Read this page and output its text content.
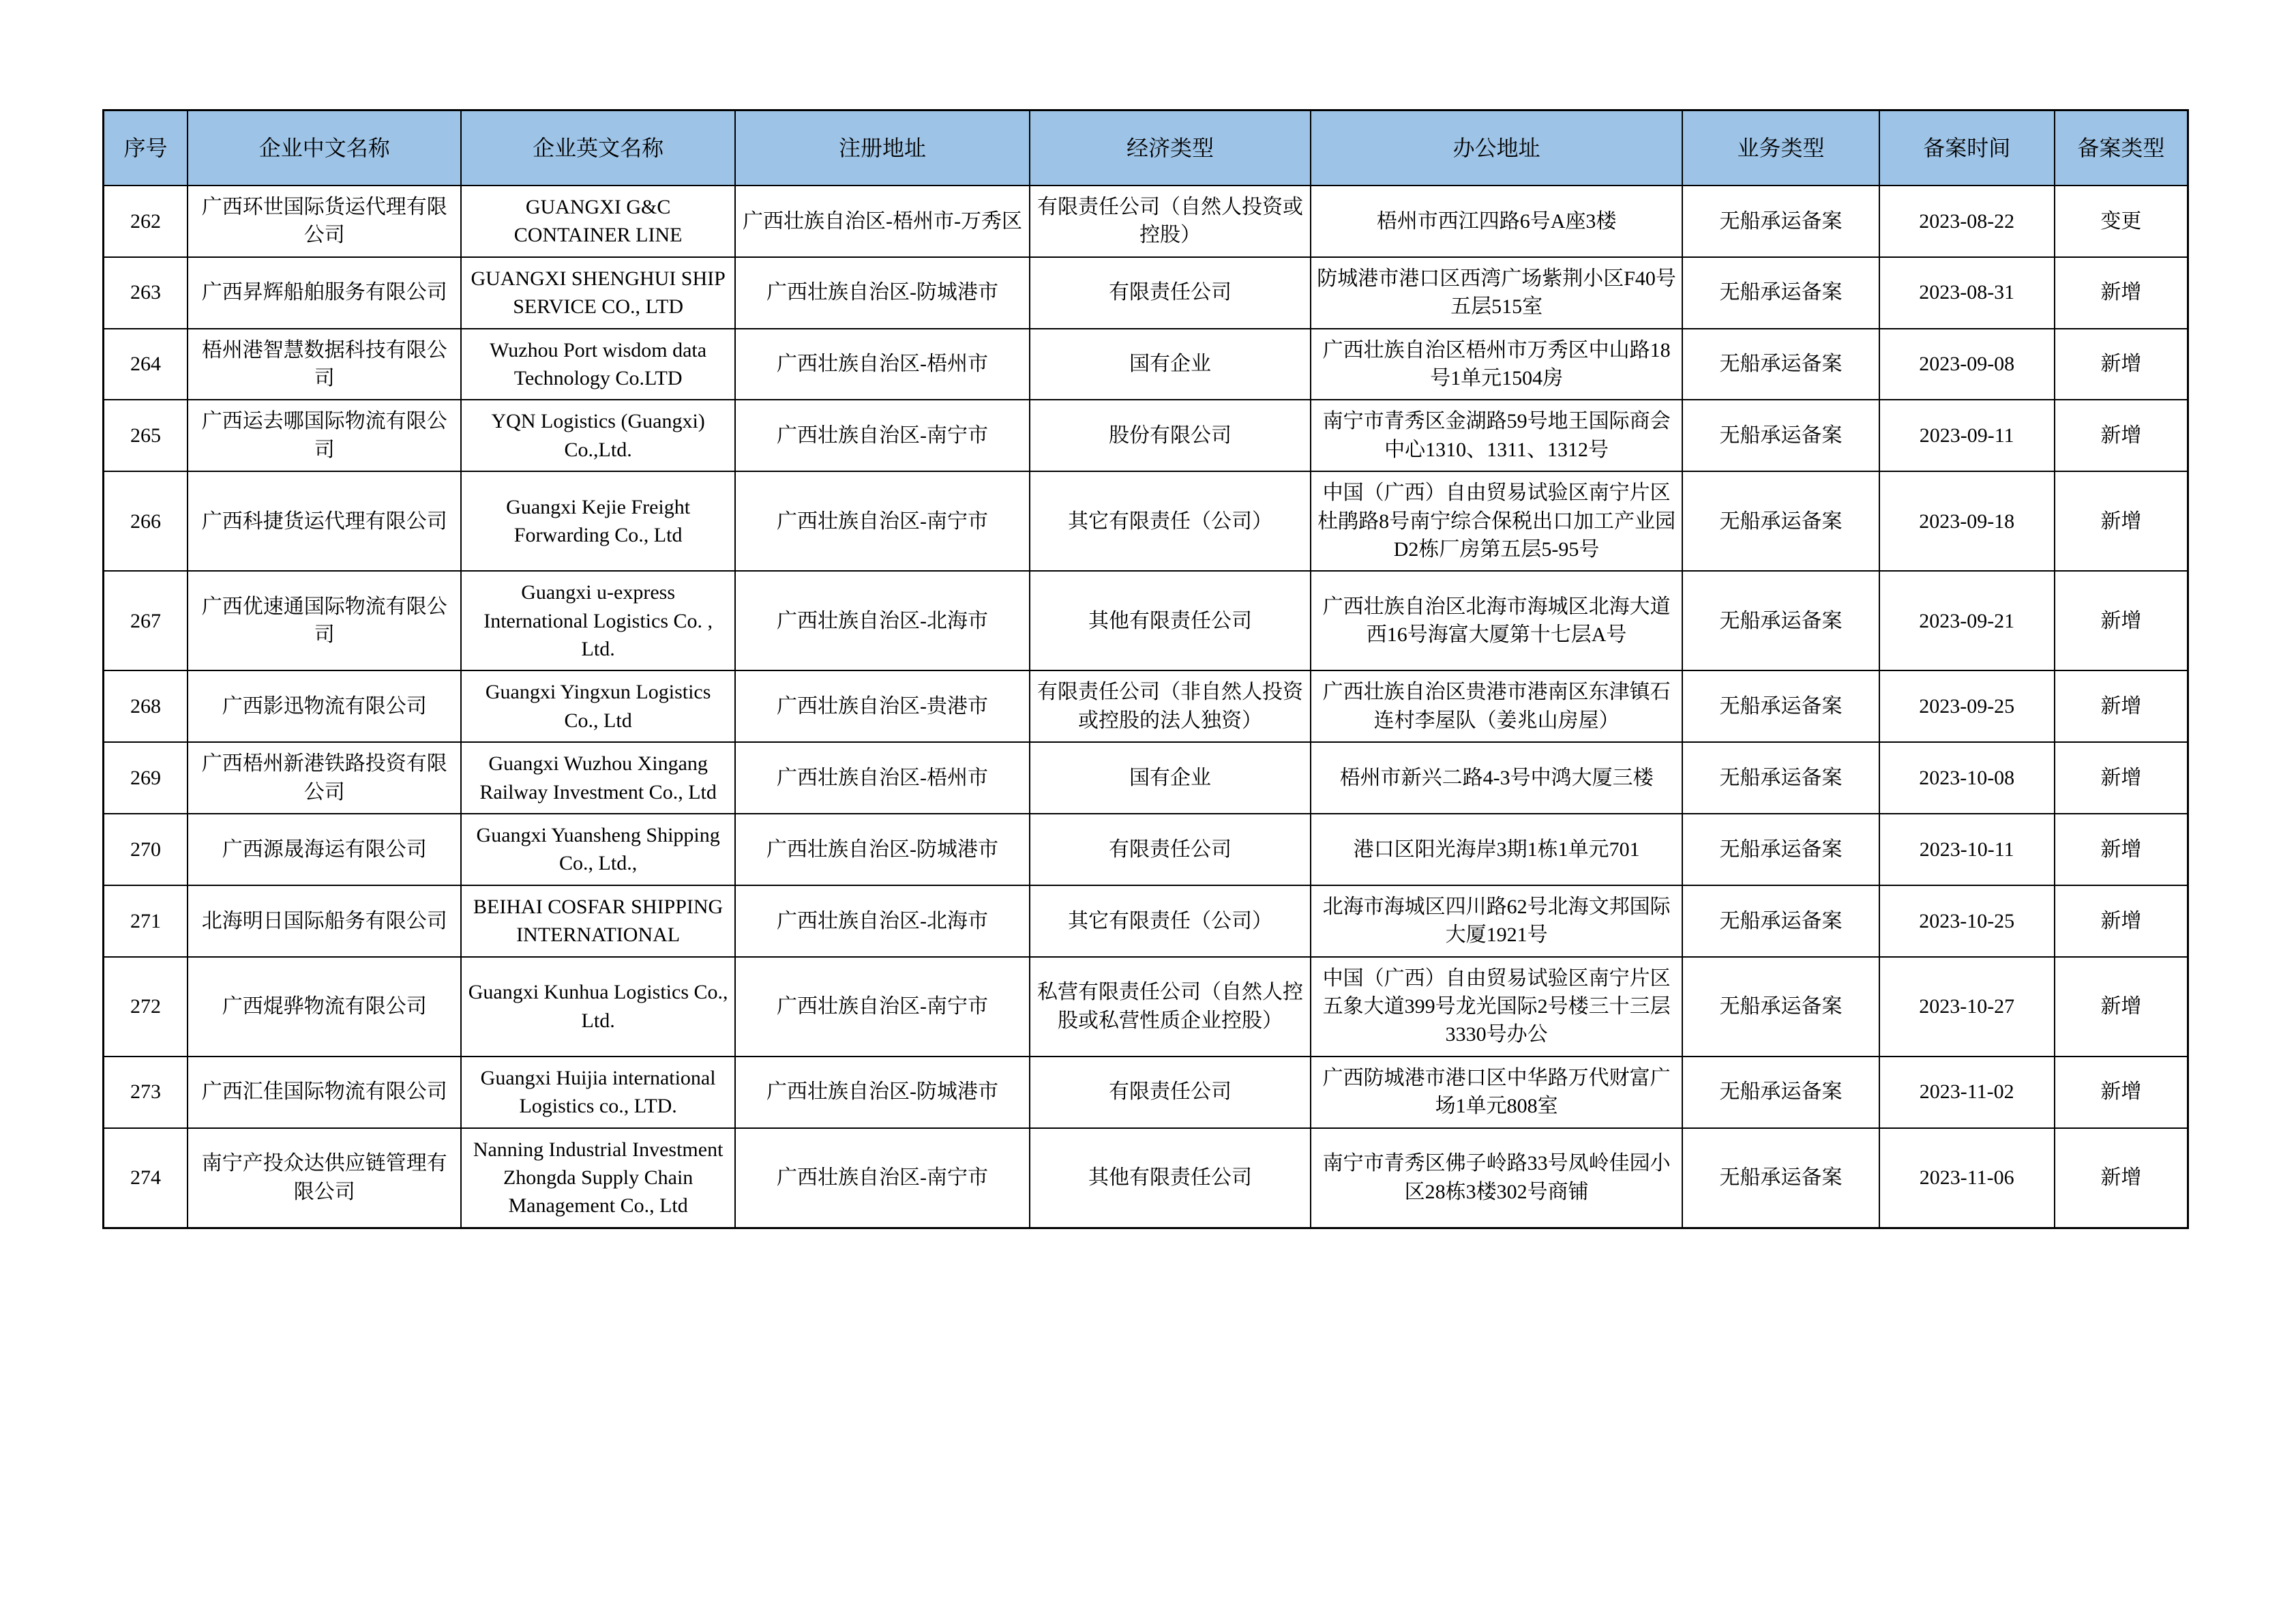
序号	企业中文名称	企业英文名称	注册地址	经济类型	办公地址	业务类型	备案时间	备案类型
262	广西环世国际货运代理有限公司	GUANGXI G&C CONTAINER LINE	广西壮族自治区-梧州市-万秀区	有限责任公司（自然人投资或控股）	梧州市西江四路6号A座3楼	无船承运备案	2023-08-22	变更
263	广西昇辉船舶服务有限公司	GUANGXI SHENGHUI SHIP SERVICE CO., LTD	广西壮族自治区-防城港市	有限责任公司	防城港市港口区西湾广场紫荆小区F40号五层515室	无船承运备案	2023-08-31	新增
264	梧州港智慧数据科技有限公司	Wuzhou Port wisdom data Technology Co.LTD	广西壮族自治区-梧州市	国有企业	广西壮族自治区梧州市万秀区中山路18号1单元1504房	无船承运备案	2023-09-08	新增
265	广西运去哪国际物流有限公司	YQN Logistics (Guangxi) Co.,Ltd.	广西壮族自治区-南宁市	股份有限公司	南宁市青秀区金湖路59号地王国际商会中心1310、1311、1312号	无船承运备案	2023-09-11	新增
266	广西科捷货运代理有限公司	Guangxi Kejie Freight Forwarding Co., Ltd	广西壮族自治区-南宁市	其它有限责任（公司）	中国（广西）自由贸易试验区南宁片区杜鹃路8号南宁综合保税出口加工产业园D2栋厂房第五层5-95号	无船承运备案	2023-09-18	新增
267	广西优速通国际物流有限公司	Guangxi u-express International Logistics Co. , Ltd.	广西壮族自治区-北海市	其他有限责任公司	广西壮族自治区北海市海城区北海大道西16号海富大厦第十七层A号	无船承运备案	2023-09-21	新增
268	广西影迅物流有限公司	Guangxi Yingxun Logistics Co., Ltd	广西壮族自治区-贵港市	有限责任公司（非自然人投资或控股的法人独资）	广西壮族自治区贵港市港南区东津镇石连村李屋队（姜兆山房屋）	无船承运备案	2023-09-25	新增
269	广西梧州新港铁路投资有限公司	Guangxi Wuzhou Xingang Railway Investment Co., Ltd	广西壮族自治区-梧州市	国有企业	梧州市新兴二路4-3号中鸿大厦三楼	无船承运备案	2023-10-08	新增
270	广西源晟海运有限公司	Guangxi Yuansheng Shipping Co., Ltd.,	广西壮族自治区-防城港市	有限责任公司	港口区阳光海岸3期1栋1单元701	无船承运备案	2023-10-11	新增
271	北海明日国际船务有限公司	BEIHAI COSFAR SHIPPING INTERNATIONAL	广西壮族自治区-北海市	其它有限责任（公司）	北海市海城区四川路62号北海文邦国际大厦1921号	无船承运备案	2023-10-25	新增
272	广西焜骅物流有限公司	Guangxi Kunhua Logistics Co., Ltd.	广西壮族自治区-南宁市	私营有限责任公司（自然人控股或私营性质企业控股）	中国（广西）自由贸易试验区南宁片区五象大道399号龙光国际2号楼三十三层3330号办公	无船承运备案	2023-10-27	新增
273	广西汇佳国际物流有限公司	Guangxi Huijia international Logistics co., LTD.	广西壮族自治区-防城港市	有限责任公司	广西防城港市港口区中华路万代财富广场1单元808室	无船承运备案	2023-11-02	新增
274	南宁产投众达供应链管理有限公司	Nanning Industrial Investment Zhongda Supply Chain Management Co., Ltd	广西壮族自治区-南宁市	其他有限责任公司	南宁市青秀区佛子岭路33号凤岭佳园小区28栋3楼302号商铺	无船承运备案	2023-11-06	新增
